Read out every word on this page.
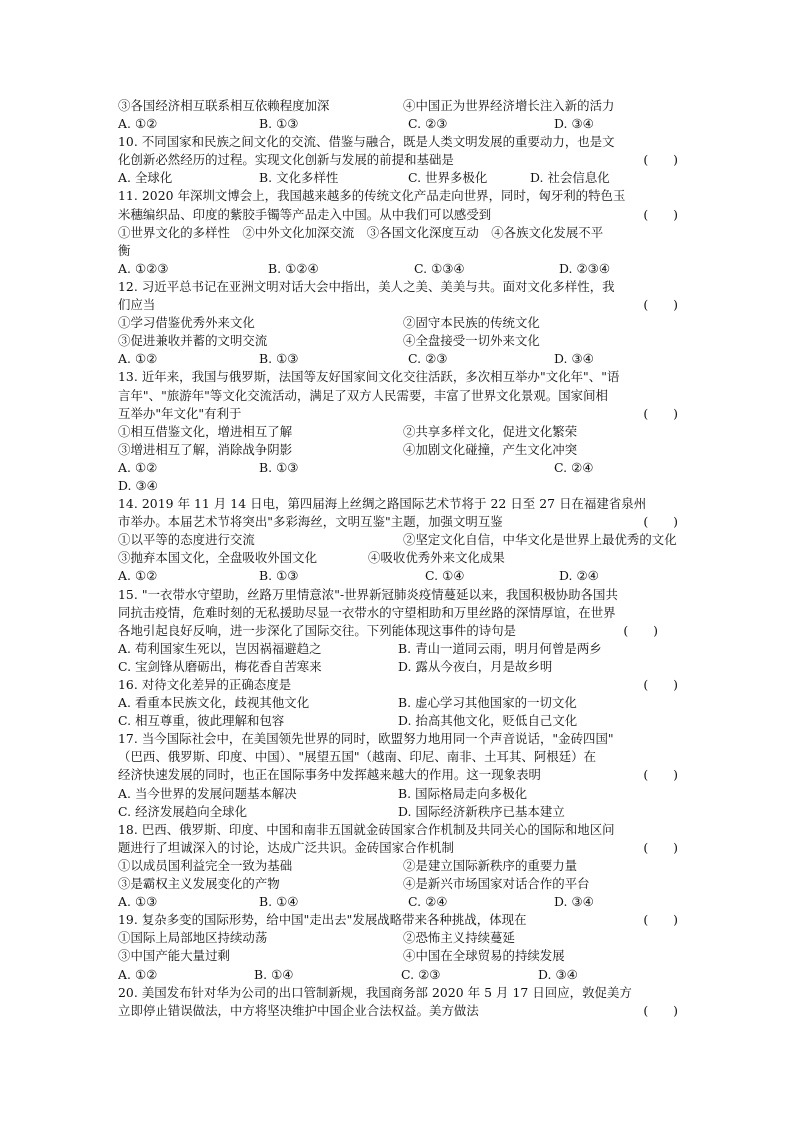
③各国经济相互联系相互依赖程度加深	④中国正为世界经济增长注入新的活力
A. ①②	B. ①③	C. ②③	D. ③④
10. 不同国家和民族之间文化的交流、借鉴与融合，既是人类文明发展的重要动力，也是文
化创新必然经历的过程。实现文化创新与发展的前提和基础是	(　　)
A. 全球化	B. 文化多样性	C. 世界多极化	D. 社会信息化
11. 2020 年深圳文博会上，我国越来越多的传统文化产品走向世界，同时，匈牙利的特色玉
米穗编织品、印度的紫胶手镯等产品走入中国。从中我们可以感受到	(　　)
①世界文化的多样性　②中外文化加深交流　③各国文化深度互动　④各族文化发展不平
衡
A. ①②③	B. ①②④	C. ①③④	D. ②③④
12. 习近平总书记在亚洲文明对话大会中指出，美人之美、美美与共。面对文化多样性，我
们应当	(　　)
①学习借鉴优秀外来文化	②固守本民族的传统文化
③促进兼收并蓄的文明交流	④全盘接受一切外来文化
A. ①②	B. ①③	C. ②③	D. ③④
13. 近年来，我国与俄罗斯，法国等友好国家间文化交往活跃，多次相互举办"文化年"、"语
言年"、"旅游年"等文化交流活动，满足了双方人民需要，丰富了世界文化景观。国家间相
互举办"年文化"有利于	(　　)
①相互借鉴文化，增进相互了解	②共享多样文化，促进文化繁荣
③增进相互了解，消除战争阴影	④加剧文化碰撞，产生文化冲突
A. ①②	B. ①③	C. ②④
D. ③④
14. 2019 年 11 月 14 日电，第四届海上丝绸之路国际艺术节将于 22 日至 27 日在福建省泉州
市举办。本届艺术节将突出"多彩海丝，文明互鉴"主题，加强文明互鉴	(　　)
①以平等的态度进行交流	②坚定文化自信，中华文化是世界上最优秀的文化
③抛弃本国文化，全盘吸收外国文化	④吸收优秀外来文化成果
A. ①②	B. ①③	C. ①④	D. ②④
15. "一衣带水守望助，丝路万里情意浓"-世界新冠肺炎疫情蔓延以来，我国积极协助各国共
同抗击疫情，危难时刻的无私援助尽显一衣带水的守望相助和万里丝路的深情厚谊，在世界
各地引起良好反响，进一步深化了国际交往。下列能体现这事件的诗句是	(　　)
A. 苟利国家生死以，岂因祸福避趋之	B. 青山一道同云雨，明月何曾是两乡
C. 宝剑锋从磨砺出，梅花香自苦寒来	D. 露从今夜白，月是故乡明
16. 对待文化差异的正确态度是	(　　)
A. 看重本民族文化，歧视其他文化	B. 虚心学习其他国家的一切文化
C. 相互尊重，彼此理解和包容	D. 抬高其他文化，贬低自己文化
17. 当今国际社会中，在美国领先世界的同时，欧盟努力地用同一个声音说话，"金砖四国"
（巴西、俄罗斯、印度、中国）、"展望五国"（越南、印尼、南非、土耳其、阿根廷）在
经济快速发展的同时，也正在国际事务中发挥越来越大的作用。这一现象表明	(　　)
A. 当今世界的发展问题基本解决	B. 国际格局走向多极化
C. 经济发展趋向全球化	D. 国际经济新秩序已基本建立
18. 巴西、俄罗斯、印度、中国和南非五国就金砖国家合作机制及共同关心的国际和地区问
题进行了坦诚深入的讨论，达成广泛共识。金砖国家合作机制	(　　)
①以成员国利益完全一致为基础	②是建立国际新秩序的重要力量
③是霸权主义发展变化的产物	④是新兴市场国家对话合作的平台
A. ①③	B. ①④	C. ②④	D. ③④
19. 复杂多变的国际形势，给中国"走出去"发展战略带来各种挑战，体现在	(　　)
①国际上局部地区持续动荡	②恐怖主义持续蔓延
③中国产能大量过剩	④中国在全球贸易的持续发展
A. ①②	B. ①④	C. ②③	D. ③④
20. 美国发布针对华为公司的出口管制新规，我国商务部 2020 年 5 月 17 日回应，敦促美方
立即停止错误做法，中方将坚决维护中国企业合法权益。美方做法	(　　)
